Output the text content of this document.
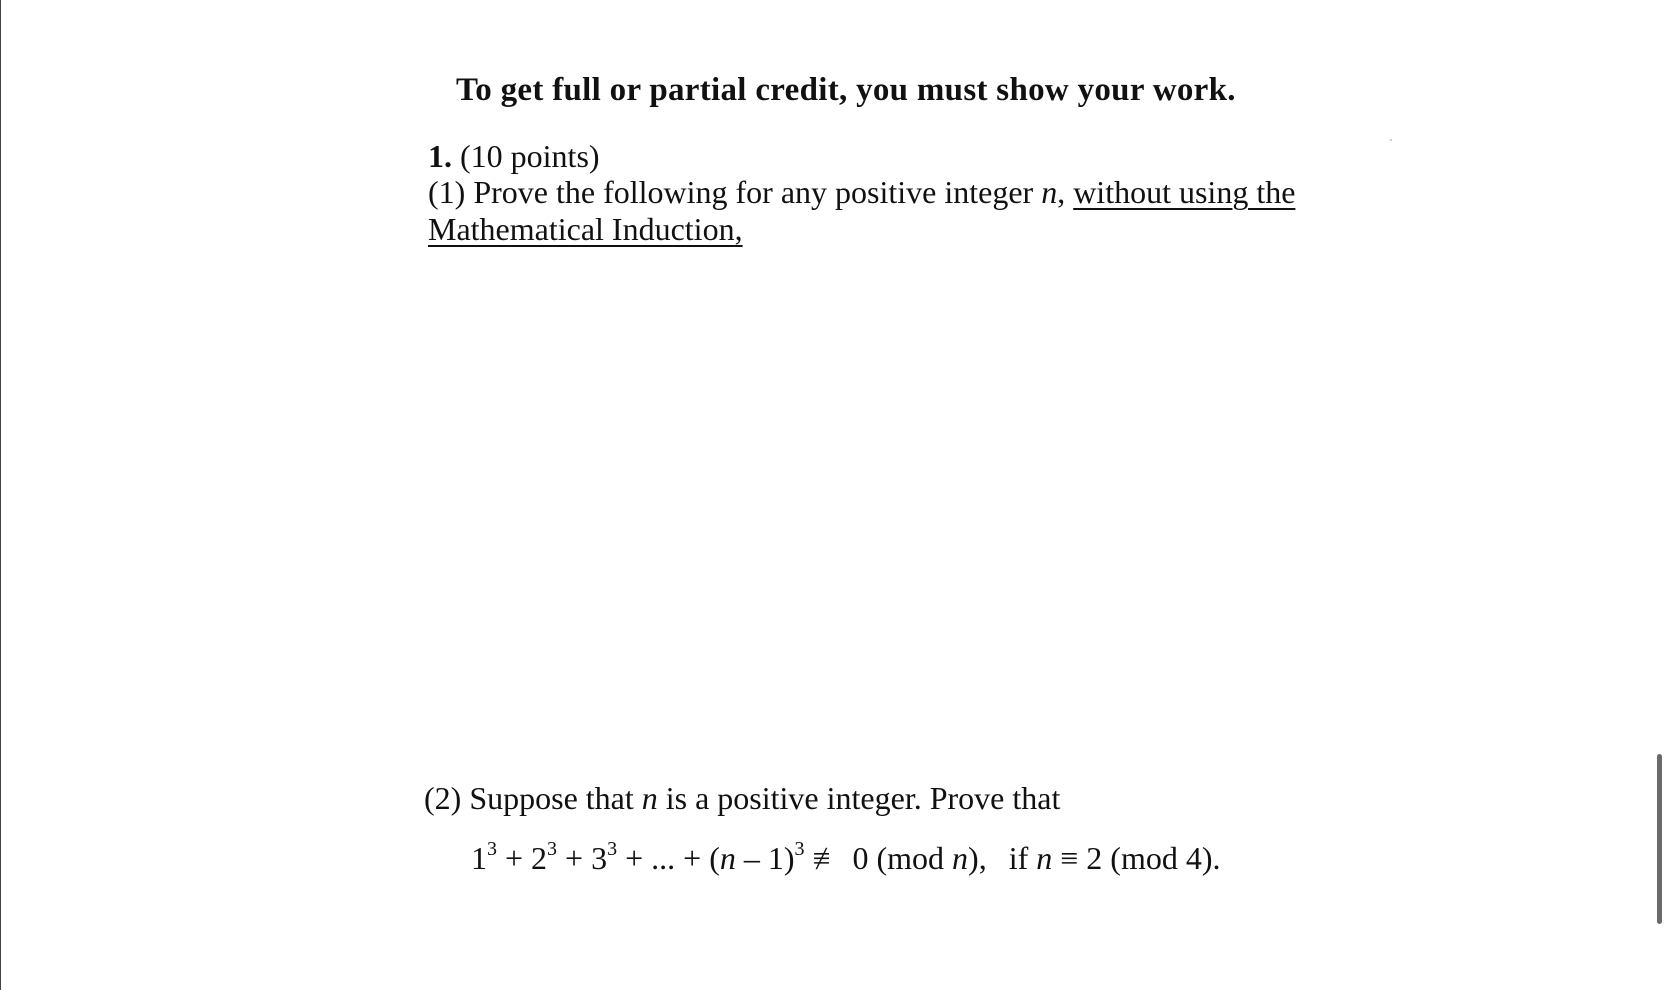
To get full or partial credit, you must show your work.
1. (10 points)
(1) Prove the following for any positive integer n, without using the
Mathematical Induction,
(2) Suppose that n is a positive integer. Prove that
$1^3 + 2^3 + 3^3$ + ... + (n – 1)$^3$ ≢ 0 (mod n), if n ≡ 2 (mod 4).
